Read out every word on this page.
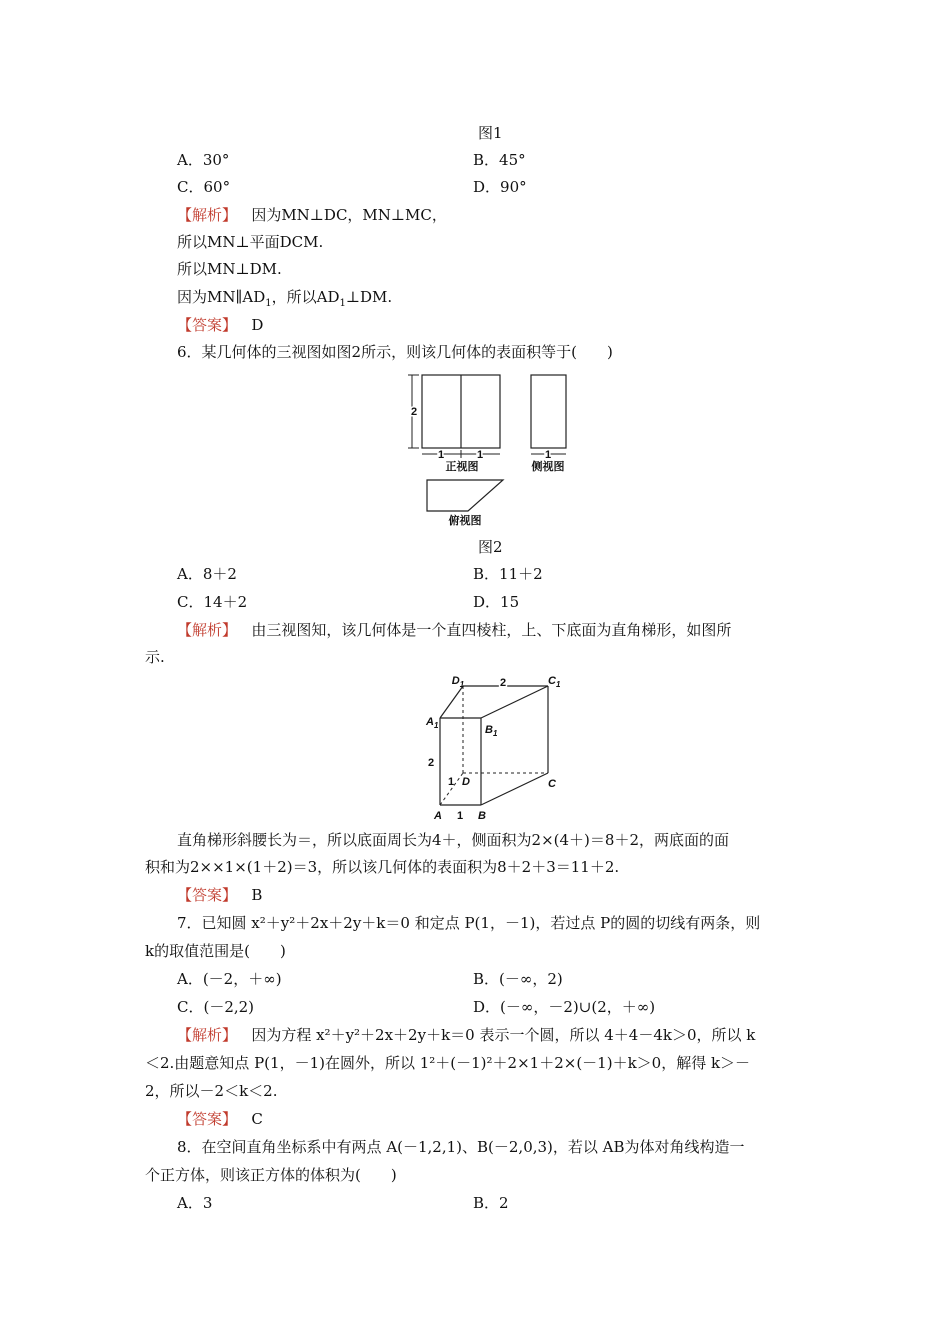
图1
A．30°	B．45°
C．60°	D．90°
【解析】 因为MN⊥DC，MN⊥MC，
所以MN⊥平面DCM.
所以MN⊥DM.
因为$MN\parallel AD_1$，所以$AD_1\perp DM$.
【答案】 D
6．某几何体的三视图如图2所示，则该几何体的表面积等于(　　)
2
1	1
正视图
1
侧视图
俯视图
图2
A．8＋2	B．11＋2
C．14＋2	D．15
【解析】 由三视图知，该几何体是一个直四棱柱，上、下底面为直角梯形，如图所
示.
$D_1$	$C_1$
$A_1$	$B_1$
D	C
A	B
2
2
1
1
直角梯形斜腰长为＝，所以底面周长为4＋，侧面积为2×(4＋)＝8＋2，两底面的面
积和为2××1×(1＋2)＝3，所以该几何体的表面积为8＋2＋3＝11＋2.
【答案】 B
7．已知圆 x²＋y²＋2x＋2y＋k＝0 和定点 P(1，－1)，若过点 P的圆的切线有两条，则
k的取值范围是(　　)
A．(－2，＋∞)	B．(－∞，2)
C．(－2,2)	D．(－∞，－2)∪(2，＋∞)
【解析】 因为方程 x²＋y²＋2x＋2y＋k＝0 表示一个圆，所以 4＋4－4k＞0，所以 k
＜2.由题意知点 P(1，－1)在圆外，所以 1²＋(－1)²＋2×1＋2×(－1)＋k＞0，解得 k＞－
2，所以－2＜k＜2.
【答案】 C
8．在空间直角坐标系中有两点 A(－1,2,1)、B(－2,0,3)，若以 AB为体对角线构造一
个正方体，则该正方体的体积为(　　)
A．3	B．2
